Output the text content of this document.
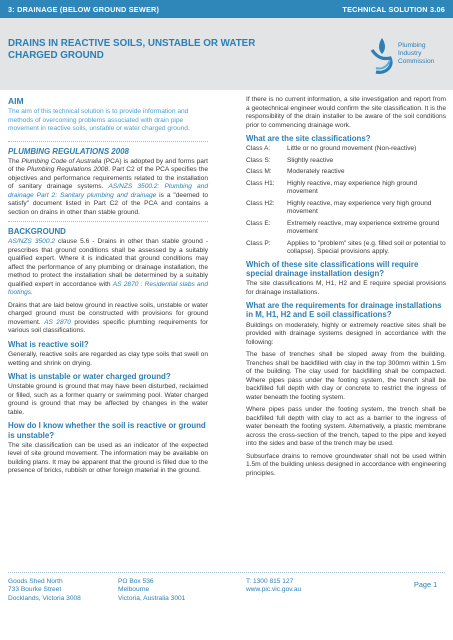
3: DRAINAGE (BELOW GROUND SEWER)	TECHNICAL SOLUTION 3.06
DRAINS IN REACTIVE SOILS, UNSTABLE OR WATER
CHARGED GROUND
Plumbing
Industry
Commission
AIM
The aim of this technical solution is to provide information and methods of overcoming problems associated with drain pipe movement in reactive soils, unstable or water charged ground.
PLUMBING REGULATIONS 2008
The Plumbing Code of Australia (PCA) is adopted by and forms part of the Plumbing Regulations 2008. Part C2 of the PCA specifies the objectives and performance requirements related to the installation of sanitary drainage systems. AS/NZS 3500.2: Plumbing and drainage Part 2: Sanitary plumbing and drainage is a "deemed to satisfy" document listed in Part C2 of the PCA and contains a section on drains in other than stable ground.
BACKGROUND
AS/NZS 3500.2 clause 5.6 - Drains in other than stable ground - prescribes that ground conditions shall be assessed by a suitably qualified expert. Where it is indicated that ground conditions may affect the performance of any plumbing or drainage installation, the method to protect the installation shall be determined by a suitably qualified expert in accordance with AS 2870 : Residential slabs and footings.
Drains that are laid below ground in reactive soils, unstable or water charged ground must be constructed with provisions for ground movement. AS 2870 provides specific plumbing requirements for various soil classifications.
What is reactive soil?
Generally, reactive soils are regarded as clay type soils that swell on wetting and shrink on drying.
What is unstable or water charged ground?
Unstable ground is ground that may have been disturbed, reclaimed or filled, such as a former quarry or swimming pool. Water charged ground is ground that may be affected by changes in the water table.
How do I know whether the soil is reactive or ground is unstable?
The site classification can be used as an indicator of the expected level of site ground movement. The information may be available on building plans. It may be apparent that the ground is filled due to the presence of bricks, rubbish or other foreign material in the ground.
If there is no current information, a site investigation and report from a geotechnical engineer would confirm the site classification. It is the responsibility of the drain installer to be aware of the soil conditions prior to commencing drainage work.
What are the site classifications?
Class A:	Little or no ground movement (Non-reactive)
Class S:	Slightly reactive
Class M:	Moderately reactive
Class H1:	Highly reactive, may experience high ground movement
Class H2:	Highly reactive, may experience very high ground movement
Class E:	Extremely reactive, may experience extreme ground movement
Class P:	Applies to "problem" sites (e.g. filled soil or potential to collapse). Special provisions apply.
Which of these site classifications will require special drainage installation design?
The site classifications M, H1, H2 and E require special provisions for drainage installations.
What are the requirements for drainage installations in M, H1, H2 and E soil classifications?
Buildings on moderately, highly or extremely reactive sites shall be provided with drainage systems designed in accordance with the following:
The base of trenches shall be sloped away from the building. Trenches shall be backfilled with clay in the top 300mm within 1.5m of the building. The clay used for backfilling shall be compacted. Where pipes pass under the footing system, the trench shall be backfilled full depth with clay or concrete to restrict the ingress of water beneath the footing system.
Where pipes pass under the footing system, the trench shall be backfilled full depth with clay to act as a barrier to the ingress of water beneath the footing system. Alternatively, a plastic membrane across the cross-section of the trench, taped to the pipe and keyed into the sides and base of the trench may be used.
Subsurface drains to remove groundwater shall not be used within 1.5m of the building unless designed in accordance with engineering principles.
Goods Shed North
733 Bourke Street
Docklands, Victoria 3008
PO Box 536
Melbourne
Victoria, Australia 3001
T: 1300 815 127
www.pic.vic.gov.au
Page 1
